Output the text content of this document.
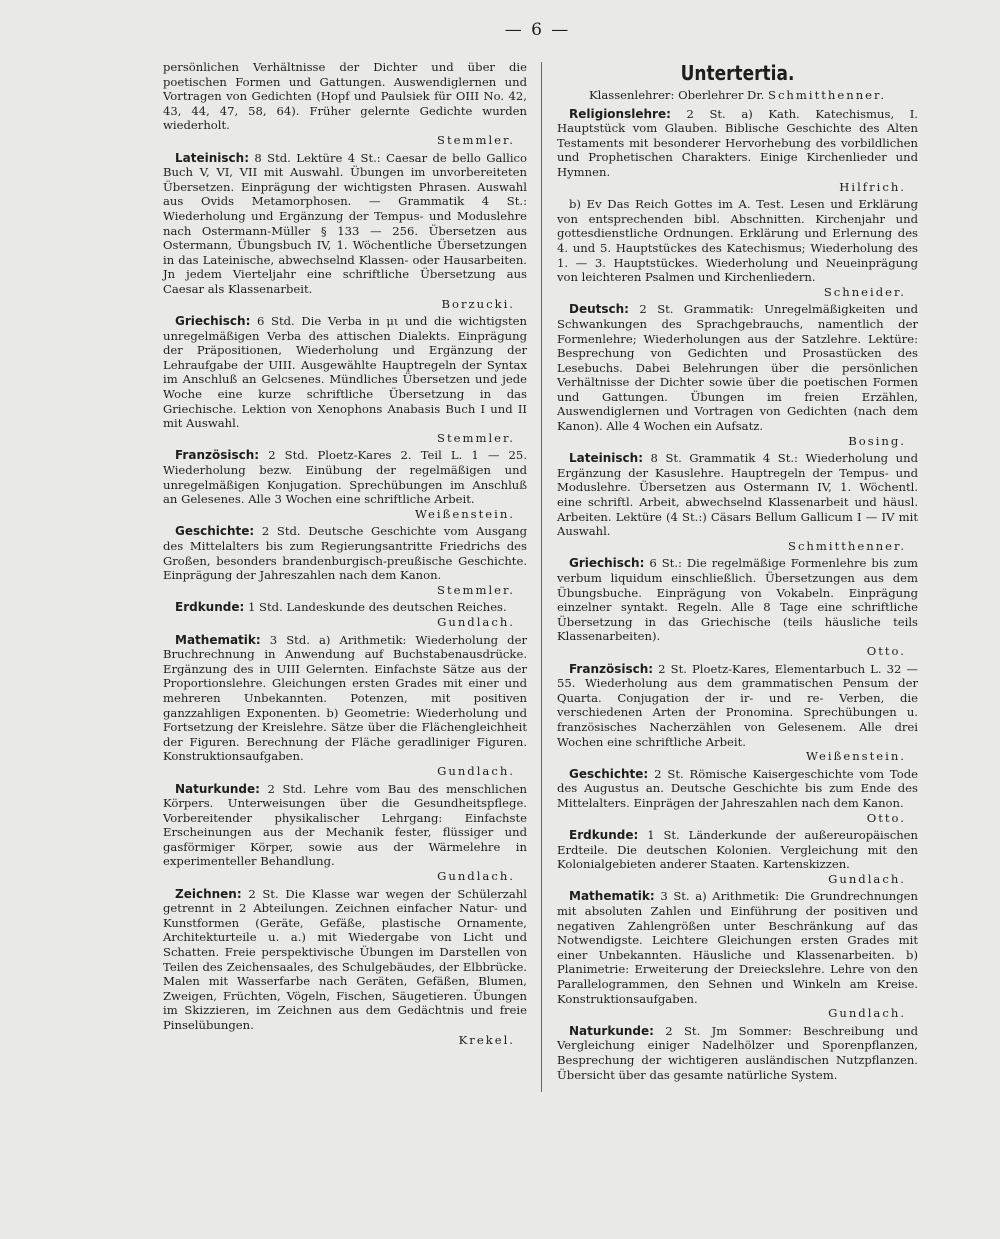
— 6 —

persönlichen Verhältnisse der Dichter und über die poetischen Formen und Gattungen. Auswendiglernen und Vortragen von Gedichten (Hopf und Paulsiek für OIII No. 42, 43, 44, 47, 58, 64). Früher gelernte Gedichte wurden wiederholt.
Stemmler.

Lateinisch: 8 Std. Lektüre 4 St.: Caesar de bello Gallico Buch V, VI, VII mit Auswahl. Übungen im unvorbereiteten Übersetzen. Einprägung der wichtigsten Phrasen. Auswahl aus Ovids Metamorphosen. — Grammatik 4 St.: Wiederholung und Ergänzung der Tempus- und Moduslehre nach Ostermann-Müller § 133 — 256. Übersetzen aus Ostermann, Übungsbuch IV, 1. Wöchentliche Übersetzungen in das Lateinische, abwechselnd Klassen- oder Hausarbeiten. Jn jedem Vierteljahr eine schriftliche Übersetzung aus Caesar als Klassenarbeit.
Borzucki.

Griechisch: 6 Std. Die Verba in μι und die wichtigsten unregelmäßigen Verba des attischen Dialekts. Einprägung der Präpositionen, Wiederholung und Ergänzung der Lehraufgabe der UIII. Ausgewählte Hauptregeln der Syntax im Anschluß an Gelcsenes. Mündliches Übersetzen und jede Woche eine kurze schriftliche Übersetzung in das Griechische. Lektion von Xenophons Anabasis Buch I und II mit Auswahl.
Stemmler.

Französisch: 2 Std. Ploetz-Kares 2. Teil L. 1 — 25. Wiederholung bezw. Einübung der regelmäßigen und unregelmäßigen Konjugation. Sprechübungen im Anschluß an Gelesenes. Alle 3 Wochen eine schriftliche Arbeit.
Weißenstein.

Geschichte: 2 Std. Deutsche Geschichte vom Ausgang des Mittelalters bis zum Regierungsantritte Friedrichs des Großen, besonders brandenburgisch-preußische Geschichte. Einprägung der Jahreszahlen nach dem Kanon.
Stemmler.

Erdkunde: 1 Std. Landeskunde des deutschen Reiches.
Gundlach.

Mathematik: 3 Std. a) Arithmetik: Wiederholung der Bruchrechnung in Anwendung auf Buchstabenausdrücke. Ergänzung des in UIII Gelernten. Einfachste Sätze aus der Proportionslehre. Gleichungen ersten Grades mit einer und mehreren Unbekannten. Potenzen, mit positiven ganzzahligen Exponenten. b) Geometrie: Wiederholung und Fortsetzung der Kreislehre. Sätze über die Flächengleichheit der Figuren. Berechnung der Fläche geradliniger Figuren. Konstruktionsaufgaben.
Gundlach.

Naturkunde: 2 Std. Lehre vom Bau des menschlichen Körpers. Unterweisungen über die Gesundheitspflege. Vorbereitender physikalischer Lehrgang: Einfachste Erscheinungen aus der Mechanik fester, flüssiger und gasförmiger Körper, sowie aus der Wärmelehre in experimenteller Behandlung.
Gundlach.

Zeichnen: 2 St. Die Klasse war wegen der Schülerzahl getrennt in 2 Abteilungen. Zeichnen einfacher Natur- und Kunstformen (Geräte, Gefäße, plastische Ornamente, Architekturteile u. a.) mit Wiedergabe von Licht und Schatten. Freie perspektivische Übungen im Darstellen von Teilen des Zeichensaales, des Schulgebäudes, der Elbbrücke. Malen mit Wasserfarbe nach Geräten, Gefäßen, Blumen, Zweigen, Früchten, Vögeln, Fischen, Säugetieren. Übungen im Skizzieren, im Zeichnen aus dem Gedächtnis und freie Pinselübungen.
Krekel.

Untertertia.
Klassenlehrer: Oberlehrer Dr. Schmitthenner.

Religionslehre: 2 St. a) Kath. Katechismus, I. Hauptstück vom Glauben. Biblische Geschichte des Alten Testaments mit besonderer Hervorhebung des vorbildlichen und Prophetischen Charakters. Einige Kirchenlieder und Hymnen.
Hilfrich.

b) Ev Das Reich Gottes im A. Test. Lesen und Erklärung von entsprechenden bibl. Abschnitten. Kirchenjahr und gottesdienstliche Ordnungen. Erklärung und Erlernung des 4. und 5. Hauptstückes des Katechismus; Wiederholung des 1. — 3. Hauptstückes. Wiederholung und Neueinprägung von leichteren Psalmen und Kirchenliedern.
Schneider.

Deutsch: 2 St. Grammatik: Unregelmäßigkeiten und Schwankungen des Sprachgebrauchs, namentlich der Formenlehre; Wiederholungen aus der Satzlehre. Lektüre: Besprechung von Gedichten und Prosastücken des Lesebuchs. Dabei Belehrungen über die persönlichen Verhältnisse der Dichter sowie über die poetischen Formen und Gattungen. Übungen im freien Erzählen, Auswendiglernen und Vortragen von Gedichten (nach dem Kanon). Alle 4 Wochen ein Aufsatz.
Bosing.

Lateinisch: 8 St. Grammatik 4 St.: Wiederholung und Ergänzung der Kasuslehre. Hauptregeln der Tempus- und Moduslehre. Übersetzen aus Ostermann IV, 1. Wöchentl. eine schriftl. Arbeit, abwechselnd Klassenarbeit und häusl. Arbeiten. Lektüre (4 St.:) Cäsars Bellum Gallicum I — IV mit Auswahl.
Schmitthenner.

Griechisch: 6 St.: Die regelmäßige Formenlehre bis zum verbum liquidum einschließlich. Übersetzungen aus dem Übungsbuche. Einprägung von Vokabeln. Einprägung einzelner syntakt. Regeln. Alle 8 Tage eine schriftliche Übersetzung in das Griechische (teils häusliche teils Klassenarbeiten).
Otto.

Französisch: 2 St. Ploetz-Kares, Elementarbuch L. 32 — 55. Wiederholung aus dem grammatischen Pensum der Quarta. Conjugation der ir- und re- Verben, die verschiedenen Arten der Pronomina. Sprechübungen u. französisches Nacherzählen von Gelesenem. Alle drei Wochen eine schriftliche Arbeit.
Weißenstein.

Geschichte: 2 St. Römische Kaisergeschichte vom Tode des Augustus an. Deutsche Geschichte bis zum Ende des Mittelalters. Einprägen der Jahreszahlen nach dem Kanon.
Otto.

Erdkunde: 1 St. Länderkunde der außereuropäischen Erdteile. Die deutschen Kolonien. Vergleichung mit den Kolonialgebieten anderer Staaten. Kartenskizzen.
Gundlach.

Mathematik: 3 St. a) Arithmetik: Die Grundrechnungen mit absoluten Zahlen und Einführung der positiven und negativen Zahlengrößen unter Beschränkung auf das Notwendigste. Leichtere Gleichungen ersten Grades mit einer Unbekannten. Häusliche und Klassenarbeiten. b) Planimetrie: Erweiterung der Dreieckslehre. Lehre von den Parallelogrammen, den Sehnen und Winkeln am Kreise. Konstruktionsaufgaben.
Gundlach.

Naturkunde: 2 St. Jm Sommer: Beschreibung und Vergleichung einiger Nadelhölzer und Sporenpflanzen, Besprechung der wichtigeren ausländischen Nutzpflanzen. Übersicht über das gesamte natürliche System.
